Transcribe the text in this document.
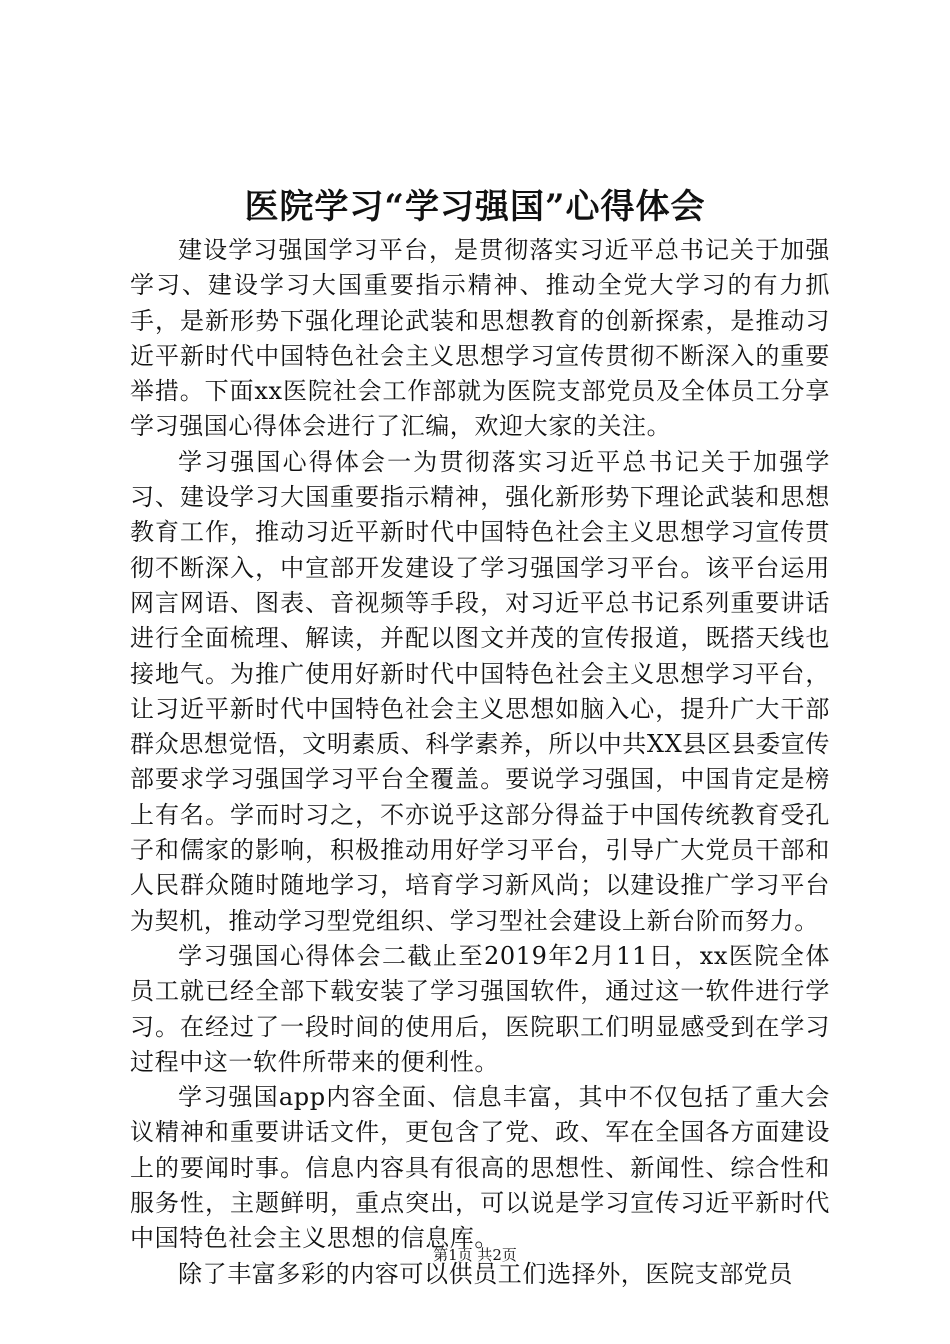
医院学习“学习强国”心得体会

建设学习强国学习平台，是贯彻落实习近平总书记关于加强学习、建设学习大国重要指示精神、推动全党大学习的有力抓手，是新形势下强化理论武装和思想教育的创新探索，是推动习近平新时代中国特色社会主义思想学习宣传贯彻不断深入的重要举措。下面xx医院社会工作部就为医院支部党员及全体员工分享学习强国心得体会进行了汇编，欢迎大家的关注。

学习强国心得体会一为贯彻落实习近平总书记关于加强学习、建设学习大国重要指示精神，强化新形势下理论武装和思想教育工作，推动习近平新时代中国特色社会主义思想学习宣传贯彻不断深入，中宣部开发建设了学习强国学习平台。该平台运用网言网语、图表、音视频等手段，对习近平总书记系列重要讲话进行全面梳理、解读，并配以图文并茂的宣传报道，既搭天线也接地气。为推广使用好新时代中国特色社会主义思想学习平台，让习近平新时代中国特色社会主义思想如脑入心，提升广大干部群众思想觉悟，文明素质、科学素养，所以中共XX县区县委宣传部要求学习强国学习平台全覆盖。要说学习强国，中国肯定是榜上有名。学而时习之，不亦说乎这部分得益于中国传统教育受孔子和儒家的影响，积极推动用好学习平台，引导广大党员干部和人民群众随时随地学习，培育学习新风尚；以建设推广学习平台为契机，推动学习型党组织、学习型社会建设上新台阶而努力。

学习强国心得体会二截止至2019年2月11日，xx医院全体员工就已经全部下载安装了学习强国软件，通过这一软件进行学习。在经过了一段时间的使用后，医院职工们明显感受到在学习过程中这一软件所带来的便利性。

学习强国app内容全面、信息丰富，其中不仅包括了重大会议精神和重要讲话文件，更包含了党、政、军在全国各方面建设上的要闻时事。信息内容具有很高的思想性、新闻性、综合性和服务性，主题鲜明，重点突出，可以说是学习宣传习近平新时代中国特色社会主义思想的信息库。

除了丰富多彩的内容可以供员工们选择外，医院支部党员

第1页 共2页
